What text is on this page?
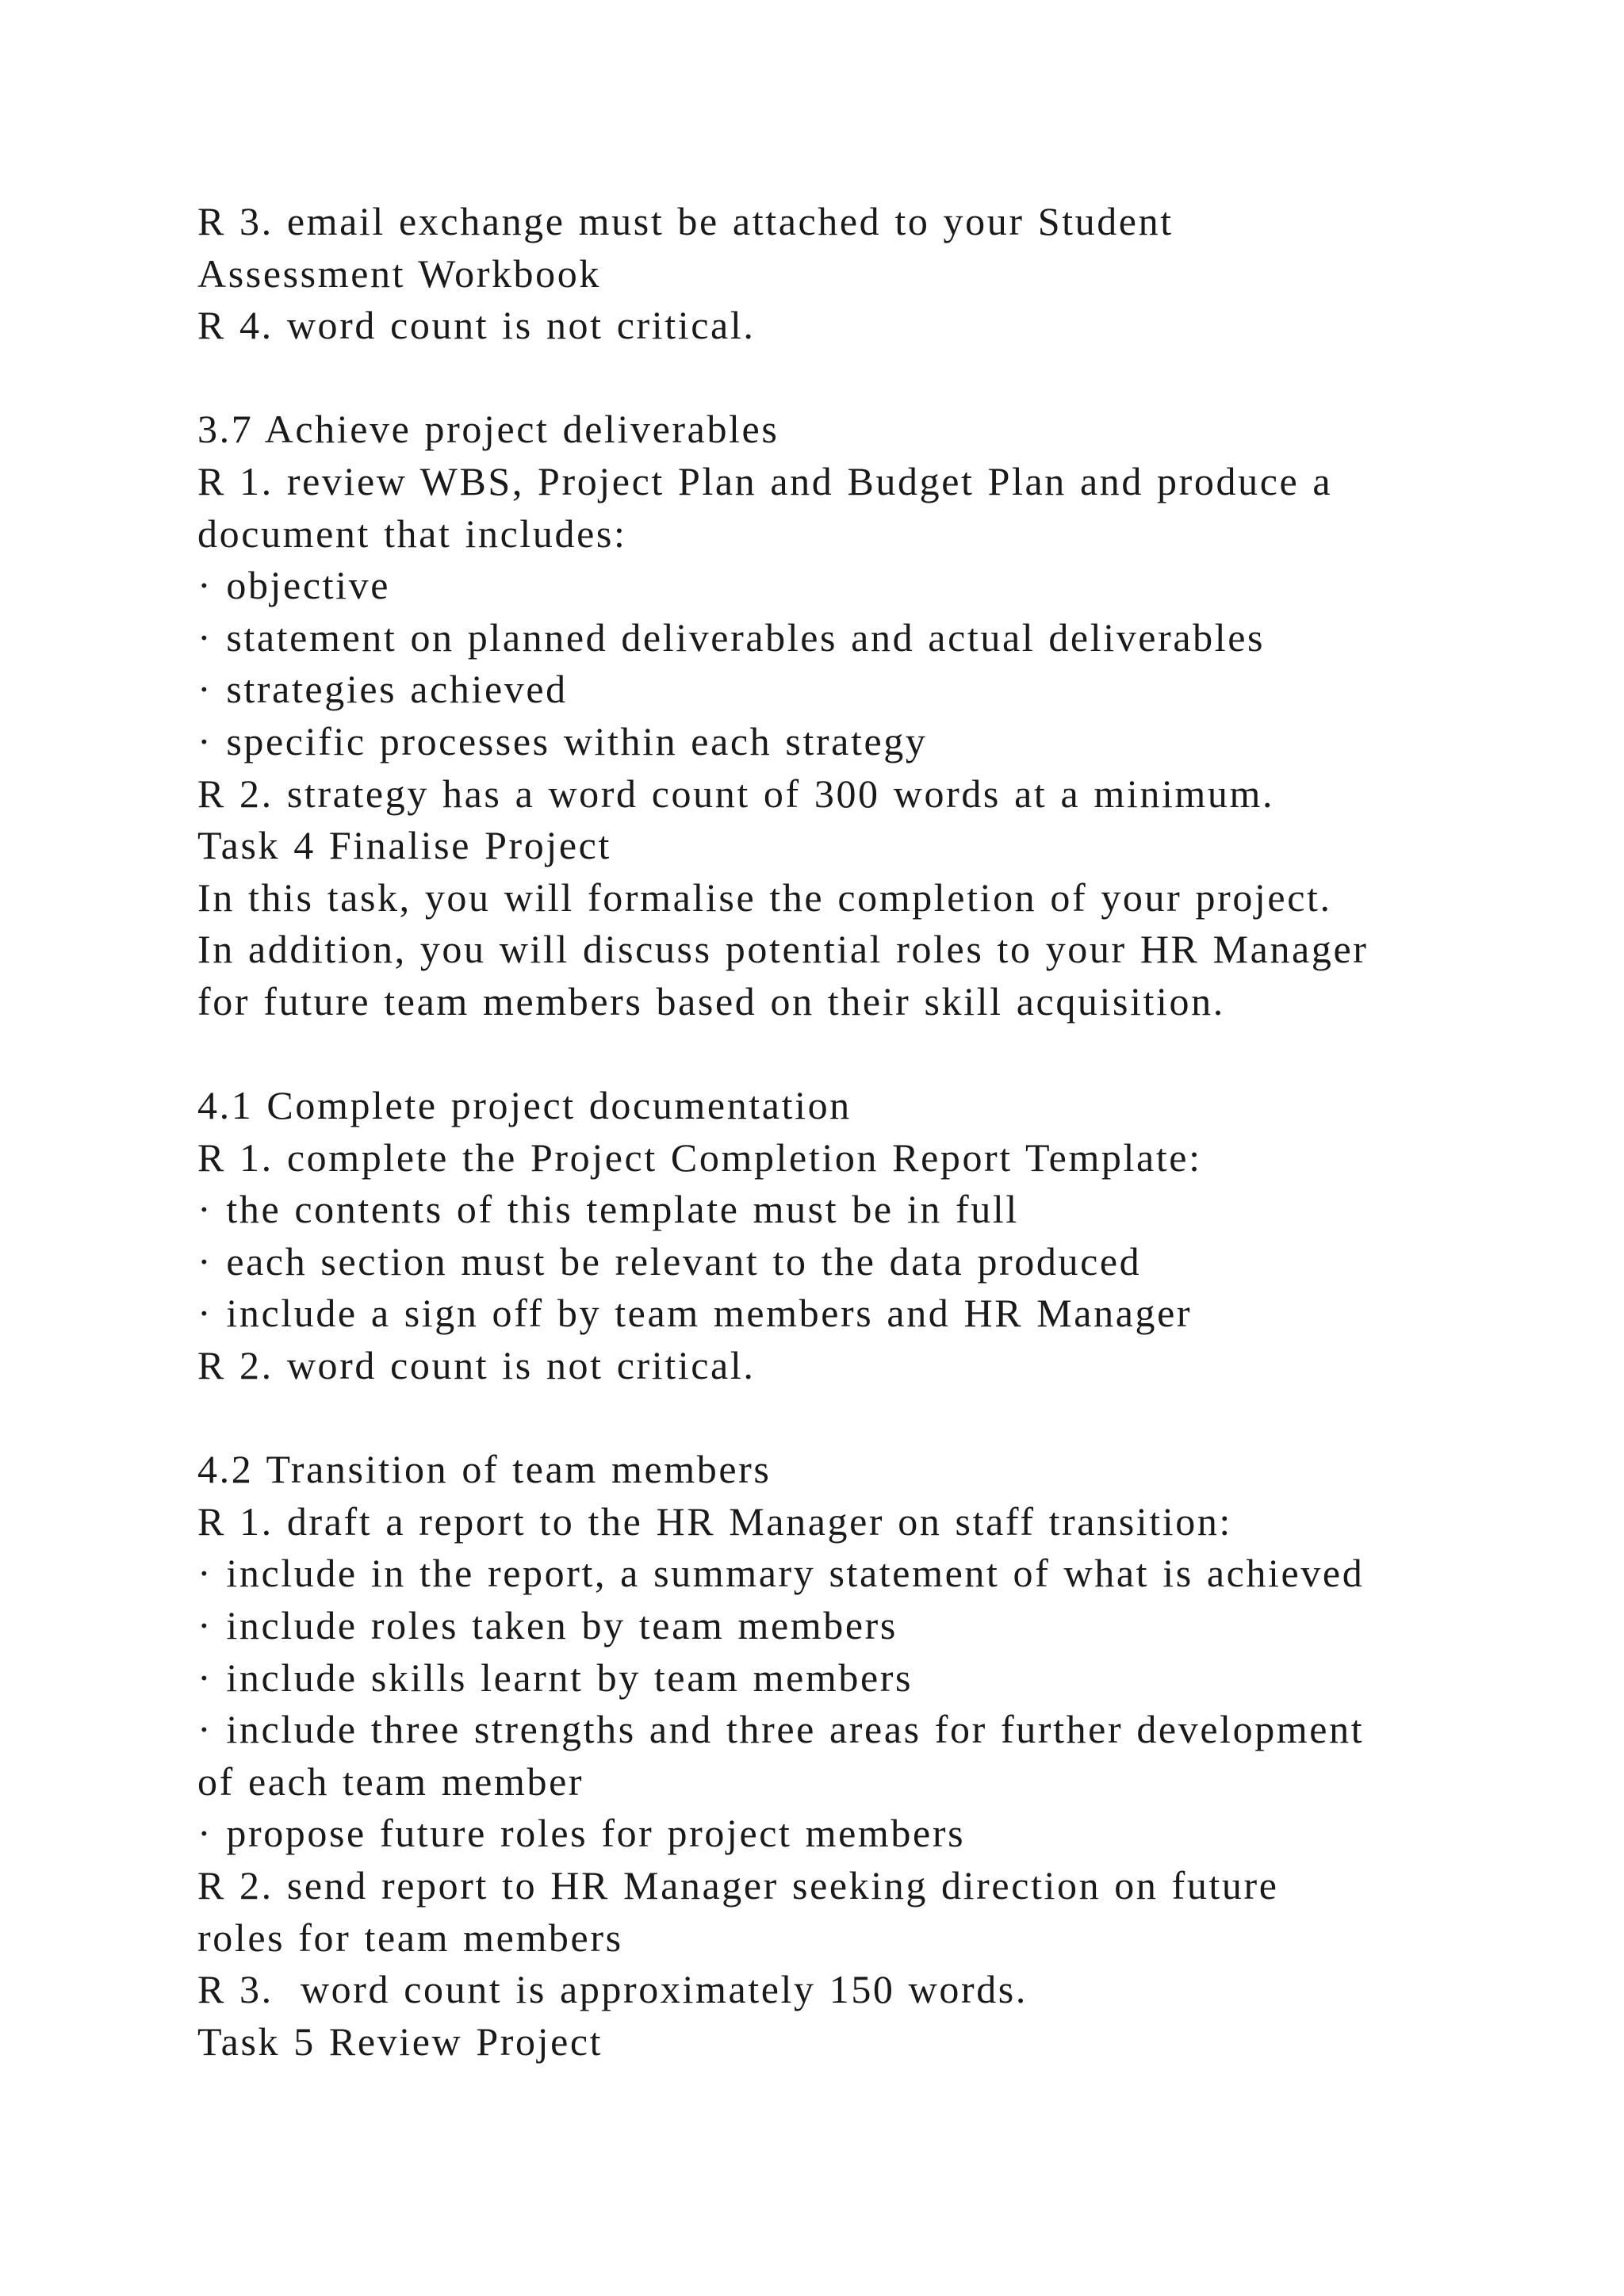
R 3. email exchange must be attached to your Student
Assessment Workbook
R 4. word count is not critical.
3.7 Achieve project deliverables
R 1. review WBS, Project Plan and Budget Plan and produce a
document that includes:
· objective
· statement on planned deliverables and actual deliverables
· strategies achieved
· specific processes within each strategy
R 2. strategy has a word count of 300 words at a minimum.
Task 4 Finalise Project
In this task, you will formalise the completion of your project.
In addition, you will discuss potential roles to your HR Manager
for future team members based on their skill acquisition.
4.1 Complete project documentation
R 1. complete the Project Completion Report Template:
· the contents of this template must be in full
· each section must be relevant to the data produced
· include a sign off by team members and HR Manager
R 2. word count is not critical.
4.2 Transition of team members
R 1. draft a report to the HR Manager on staff transition:
· include in the report, a summary statement of what is achieved
· include roles taken by team members
· include skills learnt by team members
· include three strengths and three areas for further development
of each team member
· propose future roles for project members
R 2. send report to HR Manager seeking direction on future
roles for team members
R 3.  word count is approximately 150 words.
Task 5 Review Project
